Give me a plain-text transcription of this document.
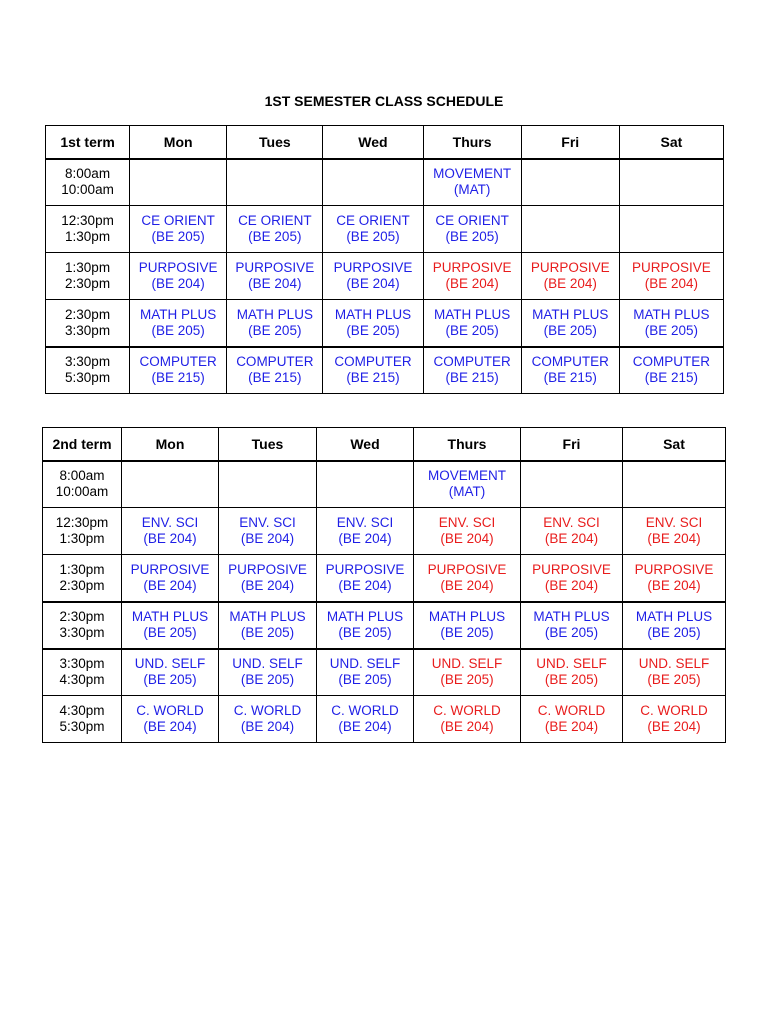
1ST SEMESTER CLASS SCHEDULE
1st term	Mon	Tues	Wed	Thurs	Fri	Sat

8:00am
10:00am				MOVEMENT
(MAT)		

12:30pm
1:30pm	CE ORIENT
(BE 205)	CE ORIENT
(BE 205)	CE ORIENT
(BE 205)	CE ORIENT
(BE 205)		

1:30pm
2:30pm	PURPOSIVE
(BE 204)	PURPOSIVE
(BE 204)	PURPOSIVE
(BE 204)	PURPOSIVE
(BE 204)	PURPOSIVE
(BE 204)	PURPOSIVE
(BE 204)

2:30pm
3:30pm	MATH PLUS
(BE 205)	MATH PLUS
(BE 205)	MATH PLUS
(BE 205)	MATH PLUS
(BE 205)	MATH PLUS
(BE 205)	MATH PLUS
(BE 205)

3:30pm
5:30pm	COMPUTER
(BE 215)	COMPUTER
(BE 215)	COMPUTER
(BE 215)	COMPUTER
(BE 215)	COMPUTER
(BE 215)	COMPUTER
(BE 215)
2nd term	Mon	Tues	Wed	Thurs	Fri	Sat

8:00am
10:00am				MOVEMENT
(MAT)		

12:30pm
1:30pm	ENV. SCI
(BE 204)	ENV. SCI
(BE 204)	ENV. SCI
(BE 204)	ENV. SCI
(BE 204)	ENV. SCI
(BE 204)	ENV. SCI
(BE 204)

1:30pm
2:30pm	PURPOSIVE
(BE 204)	PURPOSIVE
(BE 204)	PURPOSIVE
(BE 204)	PURPOSIVE
(BE 204)	PURPOSIVE
(BE 204)	PURPOSIVE
(BE 204)

2:30pm
3:30pm	MATH PLUS
(BE 205)	MATH PLUS
(BE 205)	MATH PLUS
(BE 205)	MATH PLUS
(BE 205)	MATH PLUS
(BE 205)	MATH PLUS
(BE 205)

3:30pm
4:30pm	UND. SELF
(BE 205)	UND. SELF
(BE 205)	UND. SELF
(BE 205)	UND. SELF
(BE 205)	UND. SELF
(BE 205)	UND. SELF
(BE 205)

4:30pm
5:30pm	C. WORLD
(BE 204)	C. WORLD
(BE 204)	C. WORLD
(BE 204)	C. WORLD
(BE 204)	C. WORLD
(BE 204)	C. WORLD
(BE 204)
